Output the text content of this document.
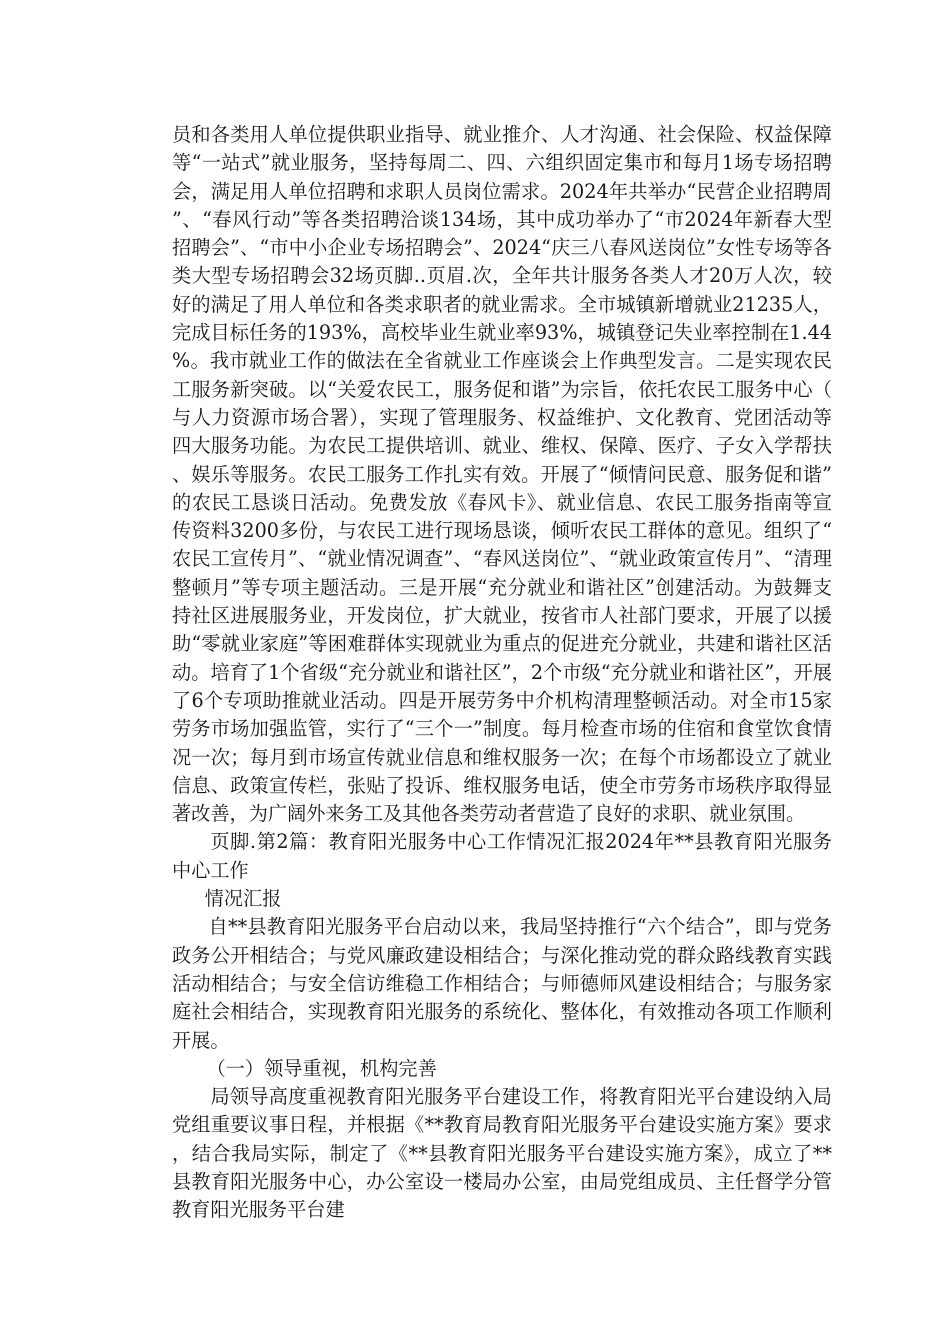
员和各类用人单位提供职业指导、就业推介、人才沟通、社会保险、权益保障等“一站式”就业服务，坚持每周二、四、六组织固定集市和每月1场专场招聘会，满足用人单位招聘和求职人员岗位需求。2024年共举办“民营企业招聘周”、“春风行动”等各类招聘洽谈134场，其中成功举办了“市2024年新春大型招聘会”、“市中小企业专场招聘会”、2024“庆三八春风送岗位”女性专场等各类大型专场招聘会32场页脚..页眉.次，全年共计服务各类人才20万人次，较好的满足了用人单位和各类求职者的就业需求。全市城镇新增就业21235人，完成目标任务的193%，高校毕业生就业率93%，城镇登记失业率控制在1.44%。我市就业工作的做法在全省就业工作座谈会上作典型发言。二是实现农民工服务新突破。以“关爱农民工，服务促和谐”为宗旨，依托农民工服务中心（与人力资源市场合署），实现了管理服务、权益维护、文化教育、党团活动等四大服务功能。为农民工提供培训、就业、维权、保障、医疗、子女入学帮扶、娱乐等服务。农民工服务工作扎实有效。开展了“倾情问民意、服务促和谐”的农民工恳谈日活动。免费发放《春风卡》、就业信息、农民工服务指南等宣传资料3200多份，与农民工进行现场恳谈，倾听农民工群体的意见。组织了“农民工宣传月”、“就业情况调查”、“春风送岗位”、“就业政策宣传月”、“清理整顿月”等专项主题活动。三是开展“充分就业和谐社区”创建活动。为鼓舞支持社区进展服务业，开发岗位，扩大就业，按省市人社部门要求，开展了以援助“零就业家庭”等困难群体实现就业为重点的促进充分就业，共建和谐社区活动。培育了1个省级“充分就业和谐社区”，2个市级“充分就业和谐社区”，开展了6个专项助推就业活动。四是开展劳务中介机构清理整顿活动。对全市15家劳务市场加强监管，实行了“三个一”制度。每月检查市场的住宿和食堂饮食情况一次；每月到市场宣传就业信息和维权服务一次；在每个市场都设立了就业信息、政策宣传栏，张贴了投诉、维权服务电话，使全市劳务市场秩序取得显著改善，为广阔外来务工及其他各类劳动者营造了良好的求职、就业氛围。

页脚.第2篇：教育阳光服务中心工作情况汇报2024年**县教育阳光服务中心工作

情况汇报

自**县教育阳光服务平台启动以来，我局坚持推行“六个结合”，即与党务政务公开相结合；与党风廉政建设相结合；与深化推动党的群众路线教育实践活动相结合；与安全信访维稳工作相结合；与师德师风建设相结合；与服务家庭社会相结合，实现教育阳光服务的系统化、整体化，有效推动各项工作顺利开展。

（一）领导重视，机构完善

局领导高度重视教育阳光服务平台建设工作，将教育阳光平台建设纳入局党组重要议事日程，并根据《**教育局教育阳光服务平台建设实施方案》要求，结合我局实际，制定了《**县教育阳光服务平台建设实施方案》，成立了**县教育阳光服务中心，办公室设一楼局办公室，由局党组成员、主任督学分管教育阳光服务平台建
